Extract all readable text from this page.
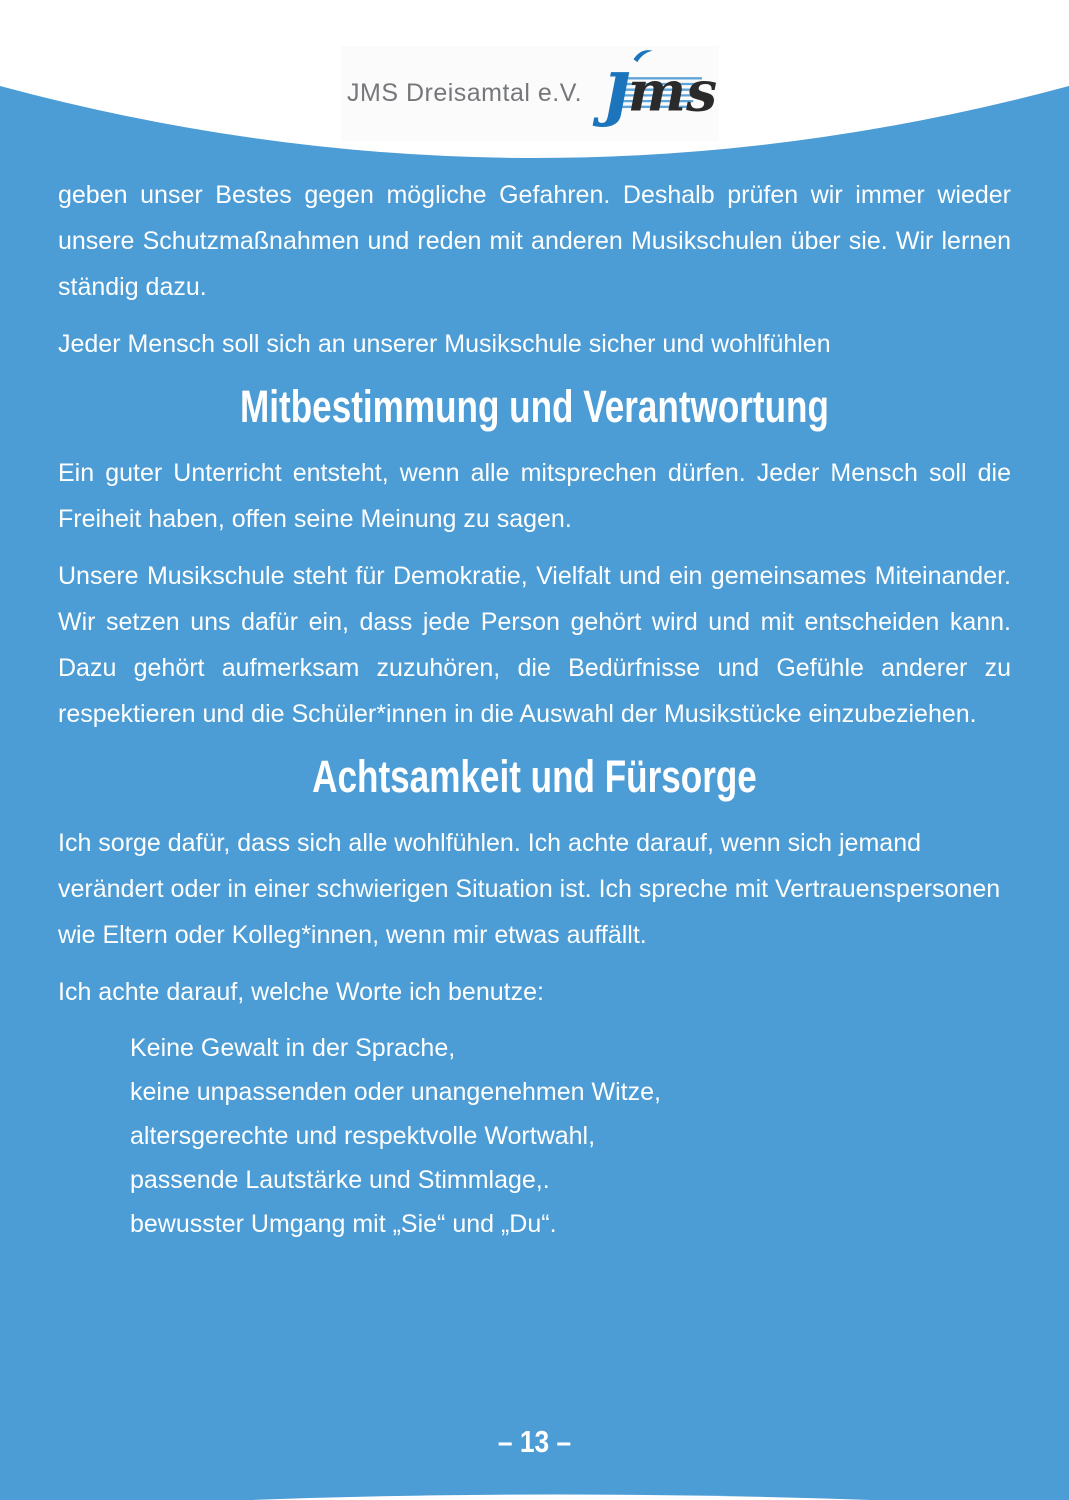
JMS Dreisamtal e.V. ȷ
ms

geben unser Bestes gegen mögliche Gefahren. Deshalb prüfen wir immer wieder unsere Schutzmaßnahmen und reden mit anderen Musikschulen über sie. Wir lernen ständig dazu.

Jeder Mensch soll sich an unserer Musikschule sicher und wohlfühlen

Mitbestimmung und Verantwortung

Ein guter Unterricht entsteht, wenn alle mitsprechen dürfen. Jeder Mensch soll die Freiheit haben, offen seine Meinung zu sagen.

Unsere Musikschule steht für Demokratie, Vielfalt und ein gemeinsames Miteinander. Wir setzen uns dafür ein, dass jede Person gehört wird und mit entscheiden kann. Dazu gehört aufmerksam zuzuhören, die Bedürfnisse und Gefühle anderer zu respektieren und die Schüler*innen in die Auswahl der Musikstücke einzubeziehen.

Achtsamkeit und Fürsorge

Ich sorge dafür, dass sich alle wohlfühlen. Ich achte darauf, wenn sich jemand verändert oder in einer schwierigen Situation ist. Ich spreche mit Vertrauenspersonen wie Eltern oder Kolleg*innen, wenn mir etwas auffällt.

Ich achte darauf, welche Worte ich benutze:

Keine Gewalt in der Sprache,
keine unpassenden oder unangenehmen Witze,
altersgerechte und respektvolle Wortwahl,
passende Lautstärke und Stimmlage,.
bewusster Umgang mit „Sie“ und „Du“.
– 13 –
